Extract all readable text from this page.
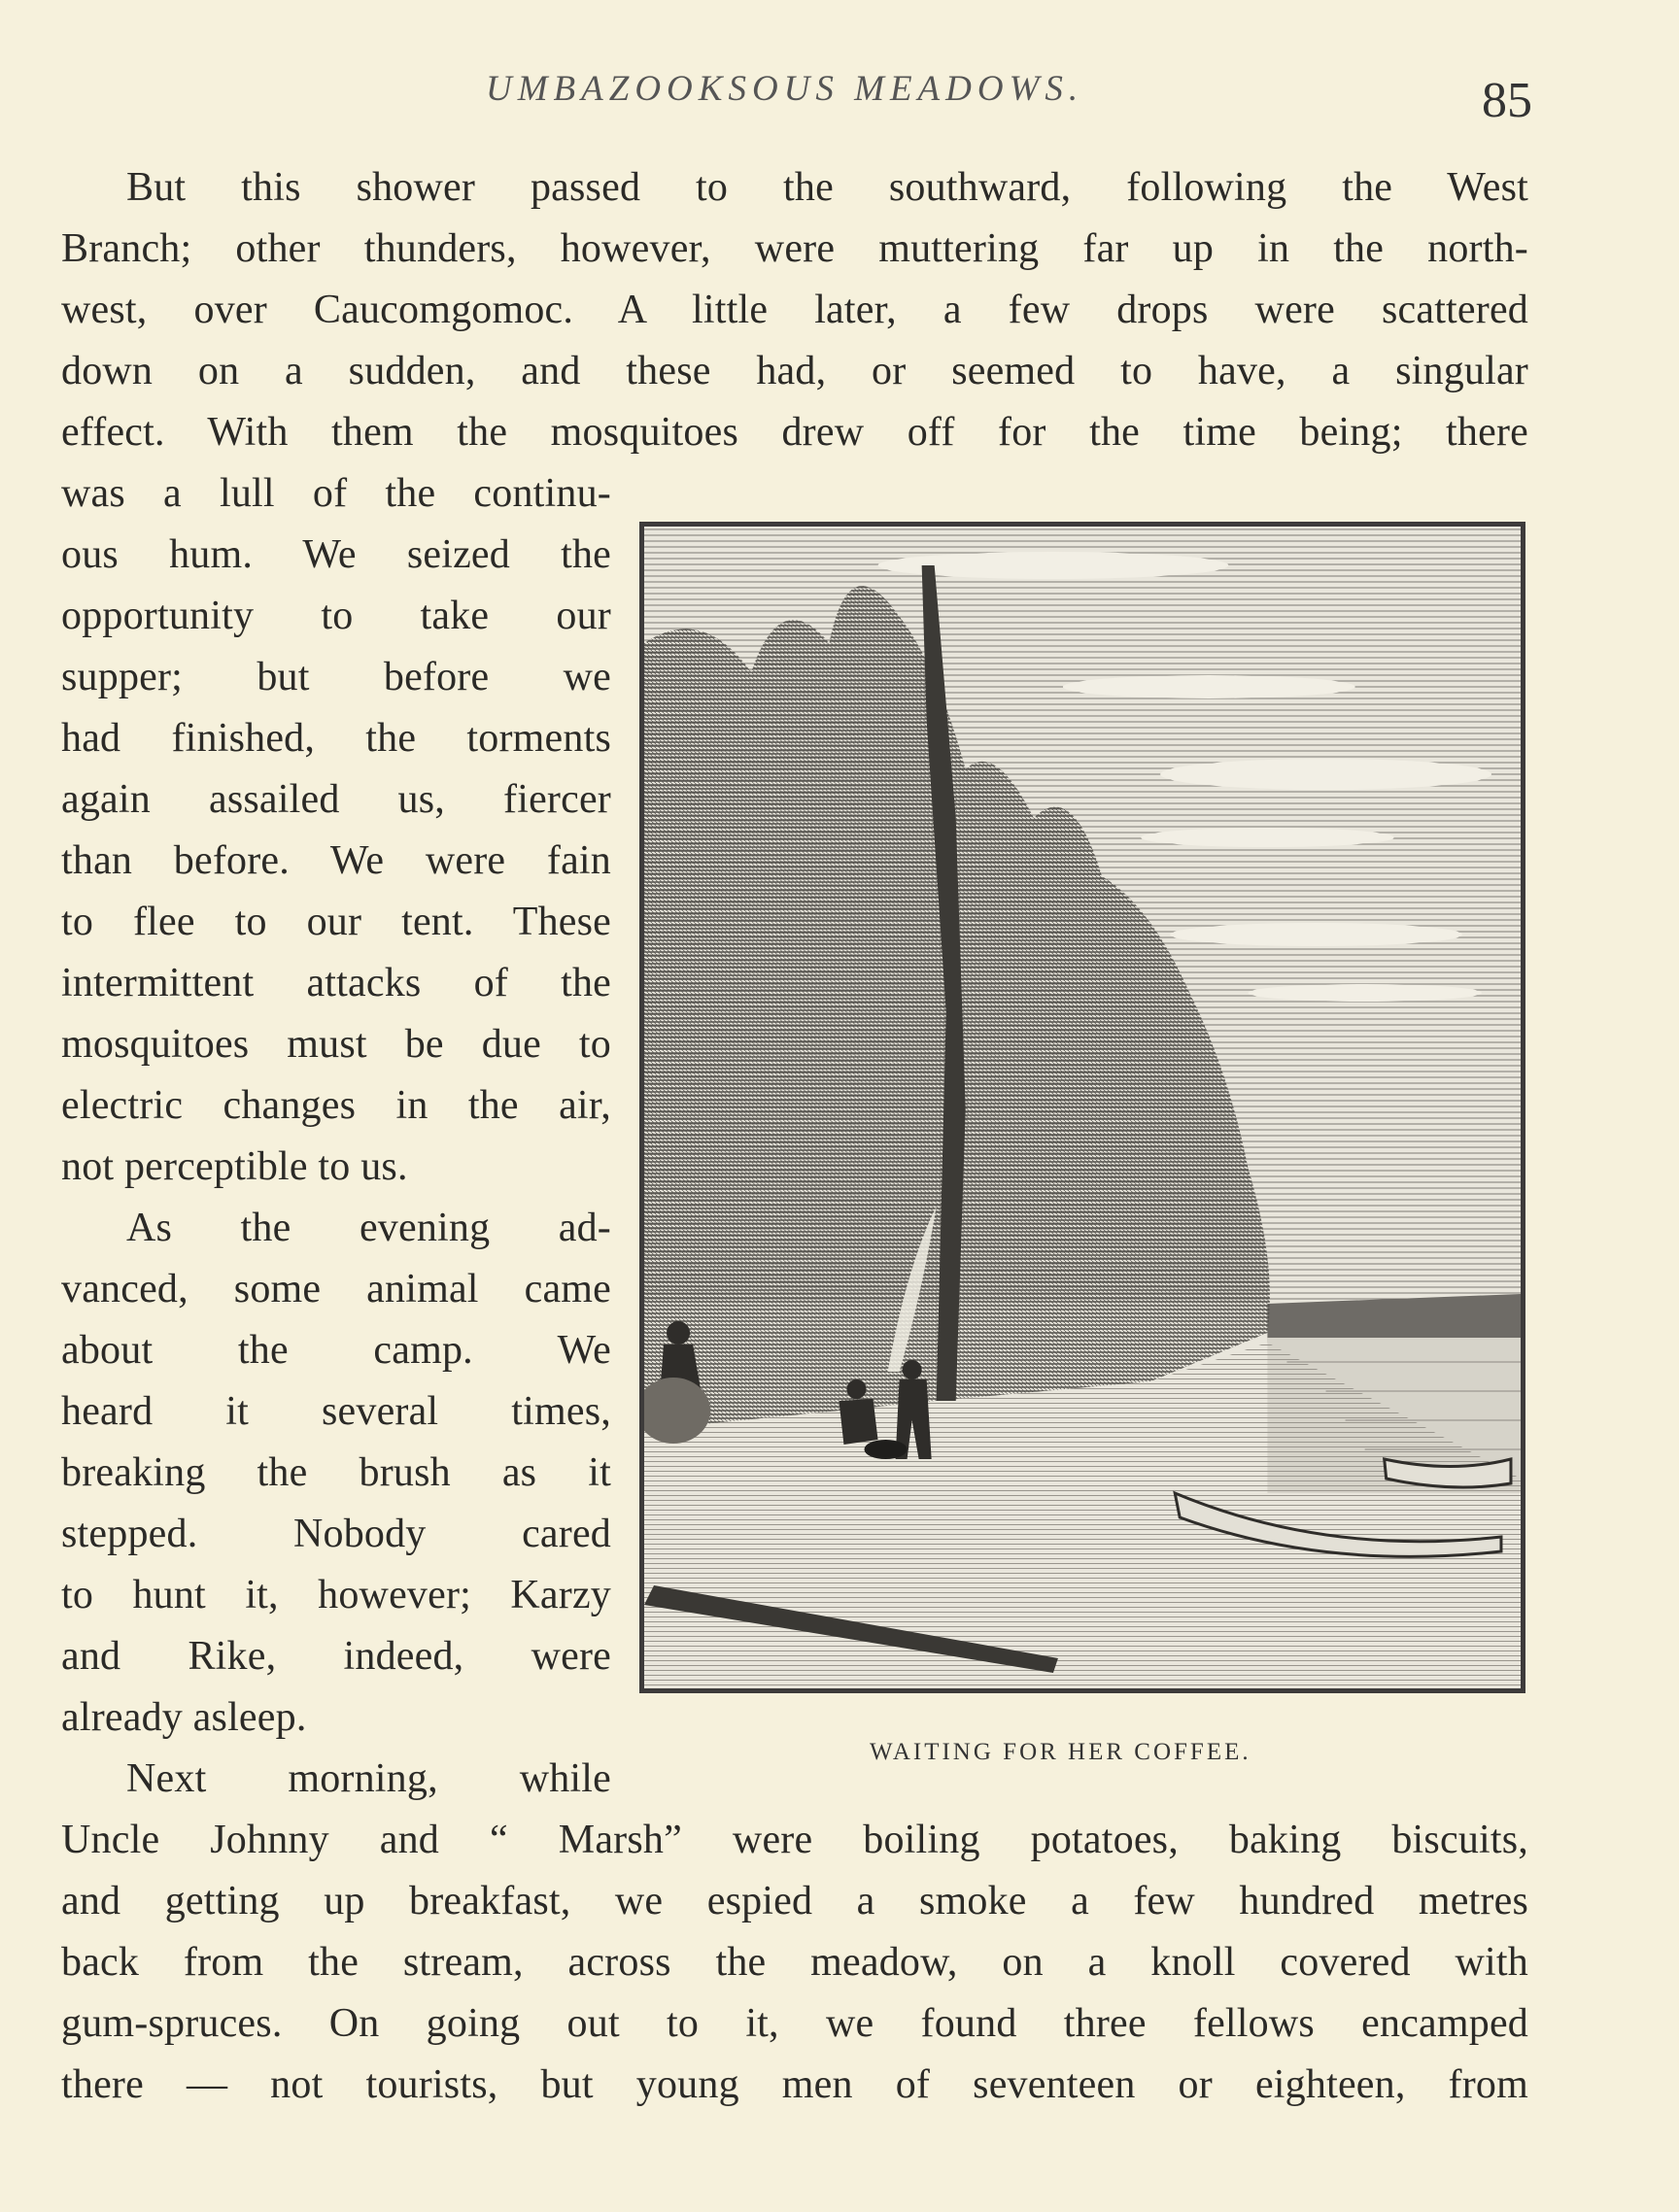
UMBAZOOKSOUS MEADOWS.	85
But this shower passed to the southward, following the West
Branch; other thunders, however, were muttering far up in the north-
west, over Caucomgomoc. A little later, a few drops were scattered
down on a sudden, and these had, or seemed to have, a singular
effect. With them the mosquitoes drew off for the time being; there
was a lull of the continu-
ous hum. We seized the
opportunity to take our
supper; but before we
had finished, the torments
again assailed us, fiercer
than before. We were fain
to flee to our tent. These
intermittent attacks of the
mosquitoes must be due to
electric changes in the air,
not perceptible to us.
As the evening ad-
vanced, some animal came
about the camp. We
heard it several times,
breaking the brush as it
stepped. Nobody cared
to hunt it, however; Karzy
and Rike, indeed, were
already asleep.
Next morning, while
Uncle Johnny and “ Marsh” were boiling potatoes, baking biscuits,
and getting up breakfast, we espied a smoke a few hundred metres
back from the stream, across the meadow, on a knoll covered with
gum-spruces. On going out to it, we found three fellows encamped
there — not tourists, but young men of seventeen or eighteen, from
WAITING FOR HER COFFEE.
